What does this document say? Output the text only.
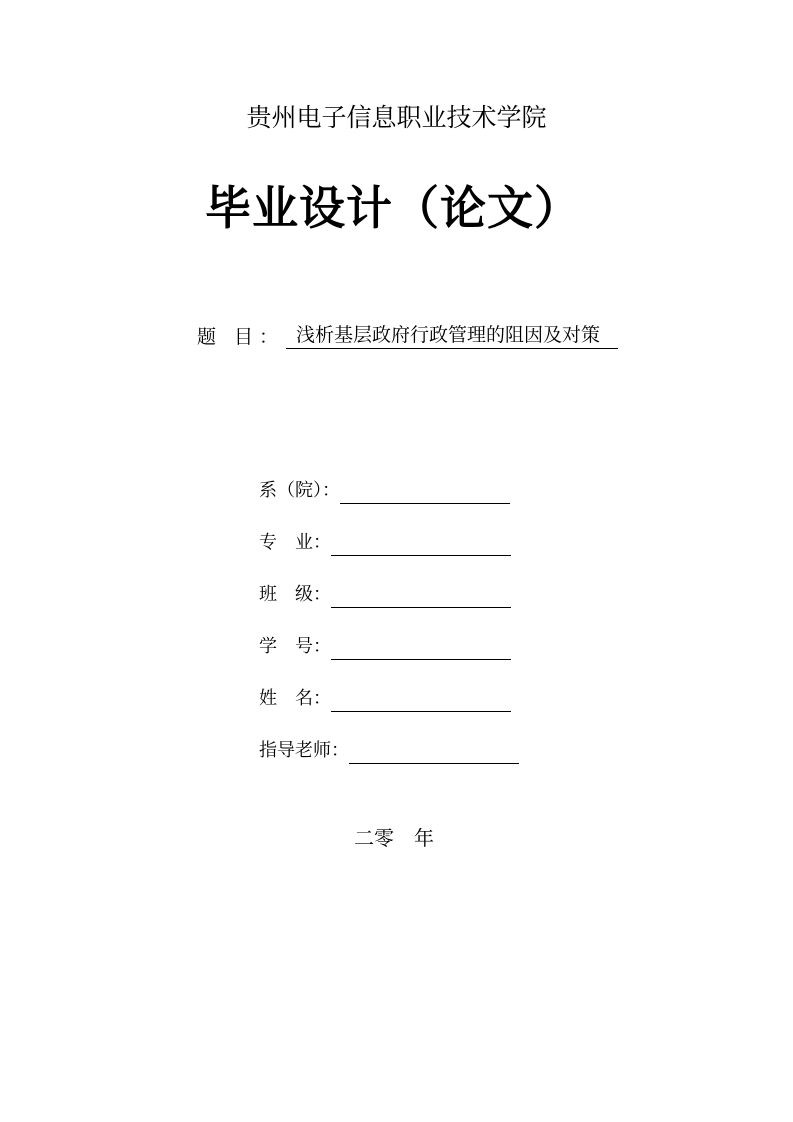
贵州电子信息职业技术学院
毕业设计（论文）
题 目： 浅析基层政府行政管理的阻因及对策
系（院）：
专　业：
班　级：
学　号：
姓　名：
指导老师：
二零　年
